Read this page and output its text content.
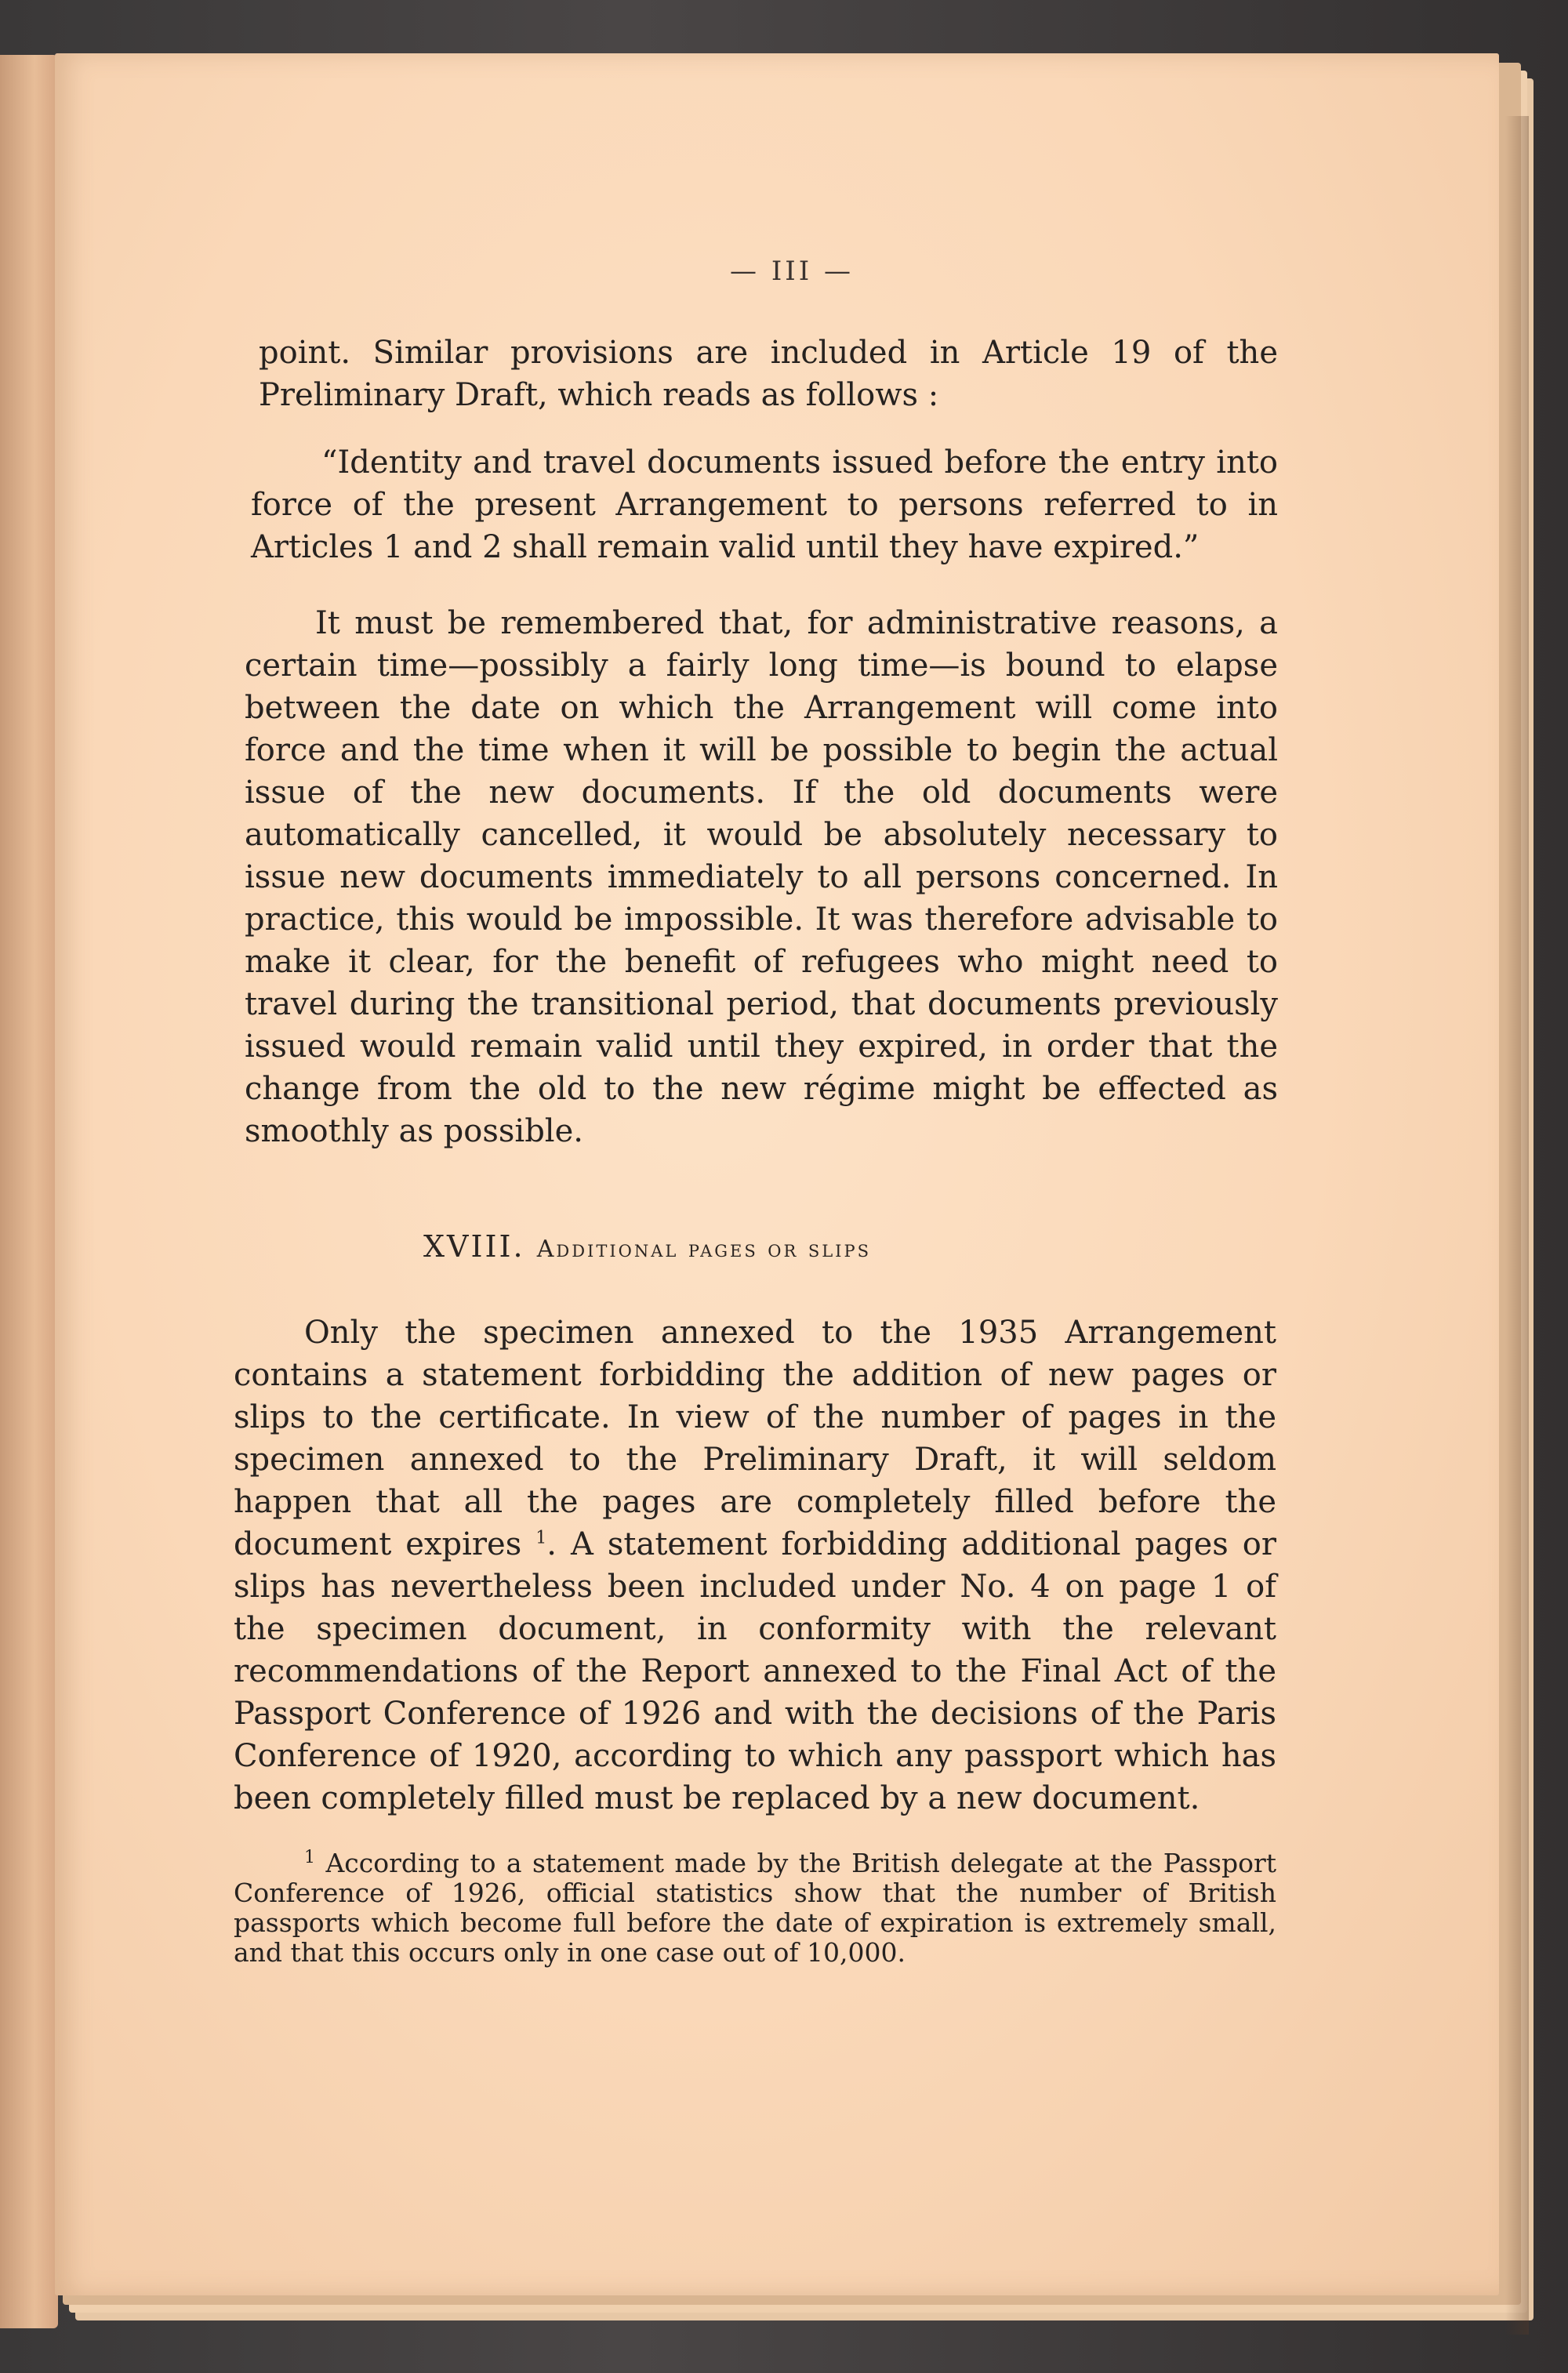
— III —

point. Similar provisions are included in Article 19 of the Preliminary Draft, which reads as follows :

“Identity and travel documents issued before the entry into force of the present Arrangement to persons referred to in Articles 1 and 2 shall remain valid until they have expired.”

It must be remembered that, for administrative reasons, a certain time—possibly a fairly long time—is bound to elapse between the date on which the Arrangement will come into force and the time when it will be possible to begin the actual issue of the new documents. If the old documents were automatically cancelled, it would be absolutely necessary to issue new documents immediately to all persons concerned. In practice, this would be impossible. It was therefore advisable to make it clear, for the benefit of refugees who might need to travel during the transitional period, that documents previously issued would remain valid until they expired, in order that the change from the old to the new régime might be effected as smoothly as possible.

XVIII. Additional pages or slips

Only the specimen annexed to the 1935 Arrangement contains a statement forbidding the addition of new pages or slips to the certificate. In view of the number of pages in the specimen annexed to the Preliminary Draft, it will seldom happen that all the pages are completely filled before the document expires $^1$. A statement forbidding additional pages or slips has nevertheless been included under No. 4 on page 1 of the specimen document, in conformity with the relevant recommendations of the Report annexed to the Final Act of the Passport Conference of 1926 and with the decisions of the Paris Conference of 1920, according to which any passport which has been completely filled must be replaced by a new document.

$^1$ According to a statement made by the British delegate at the Passport Conference of 1926, official statistics show that the number of British passports which become full before the date of expiration is extremely small, and that this occurs only in one case out of 10,000.
